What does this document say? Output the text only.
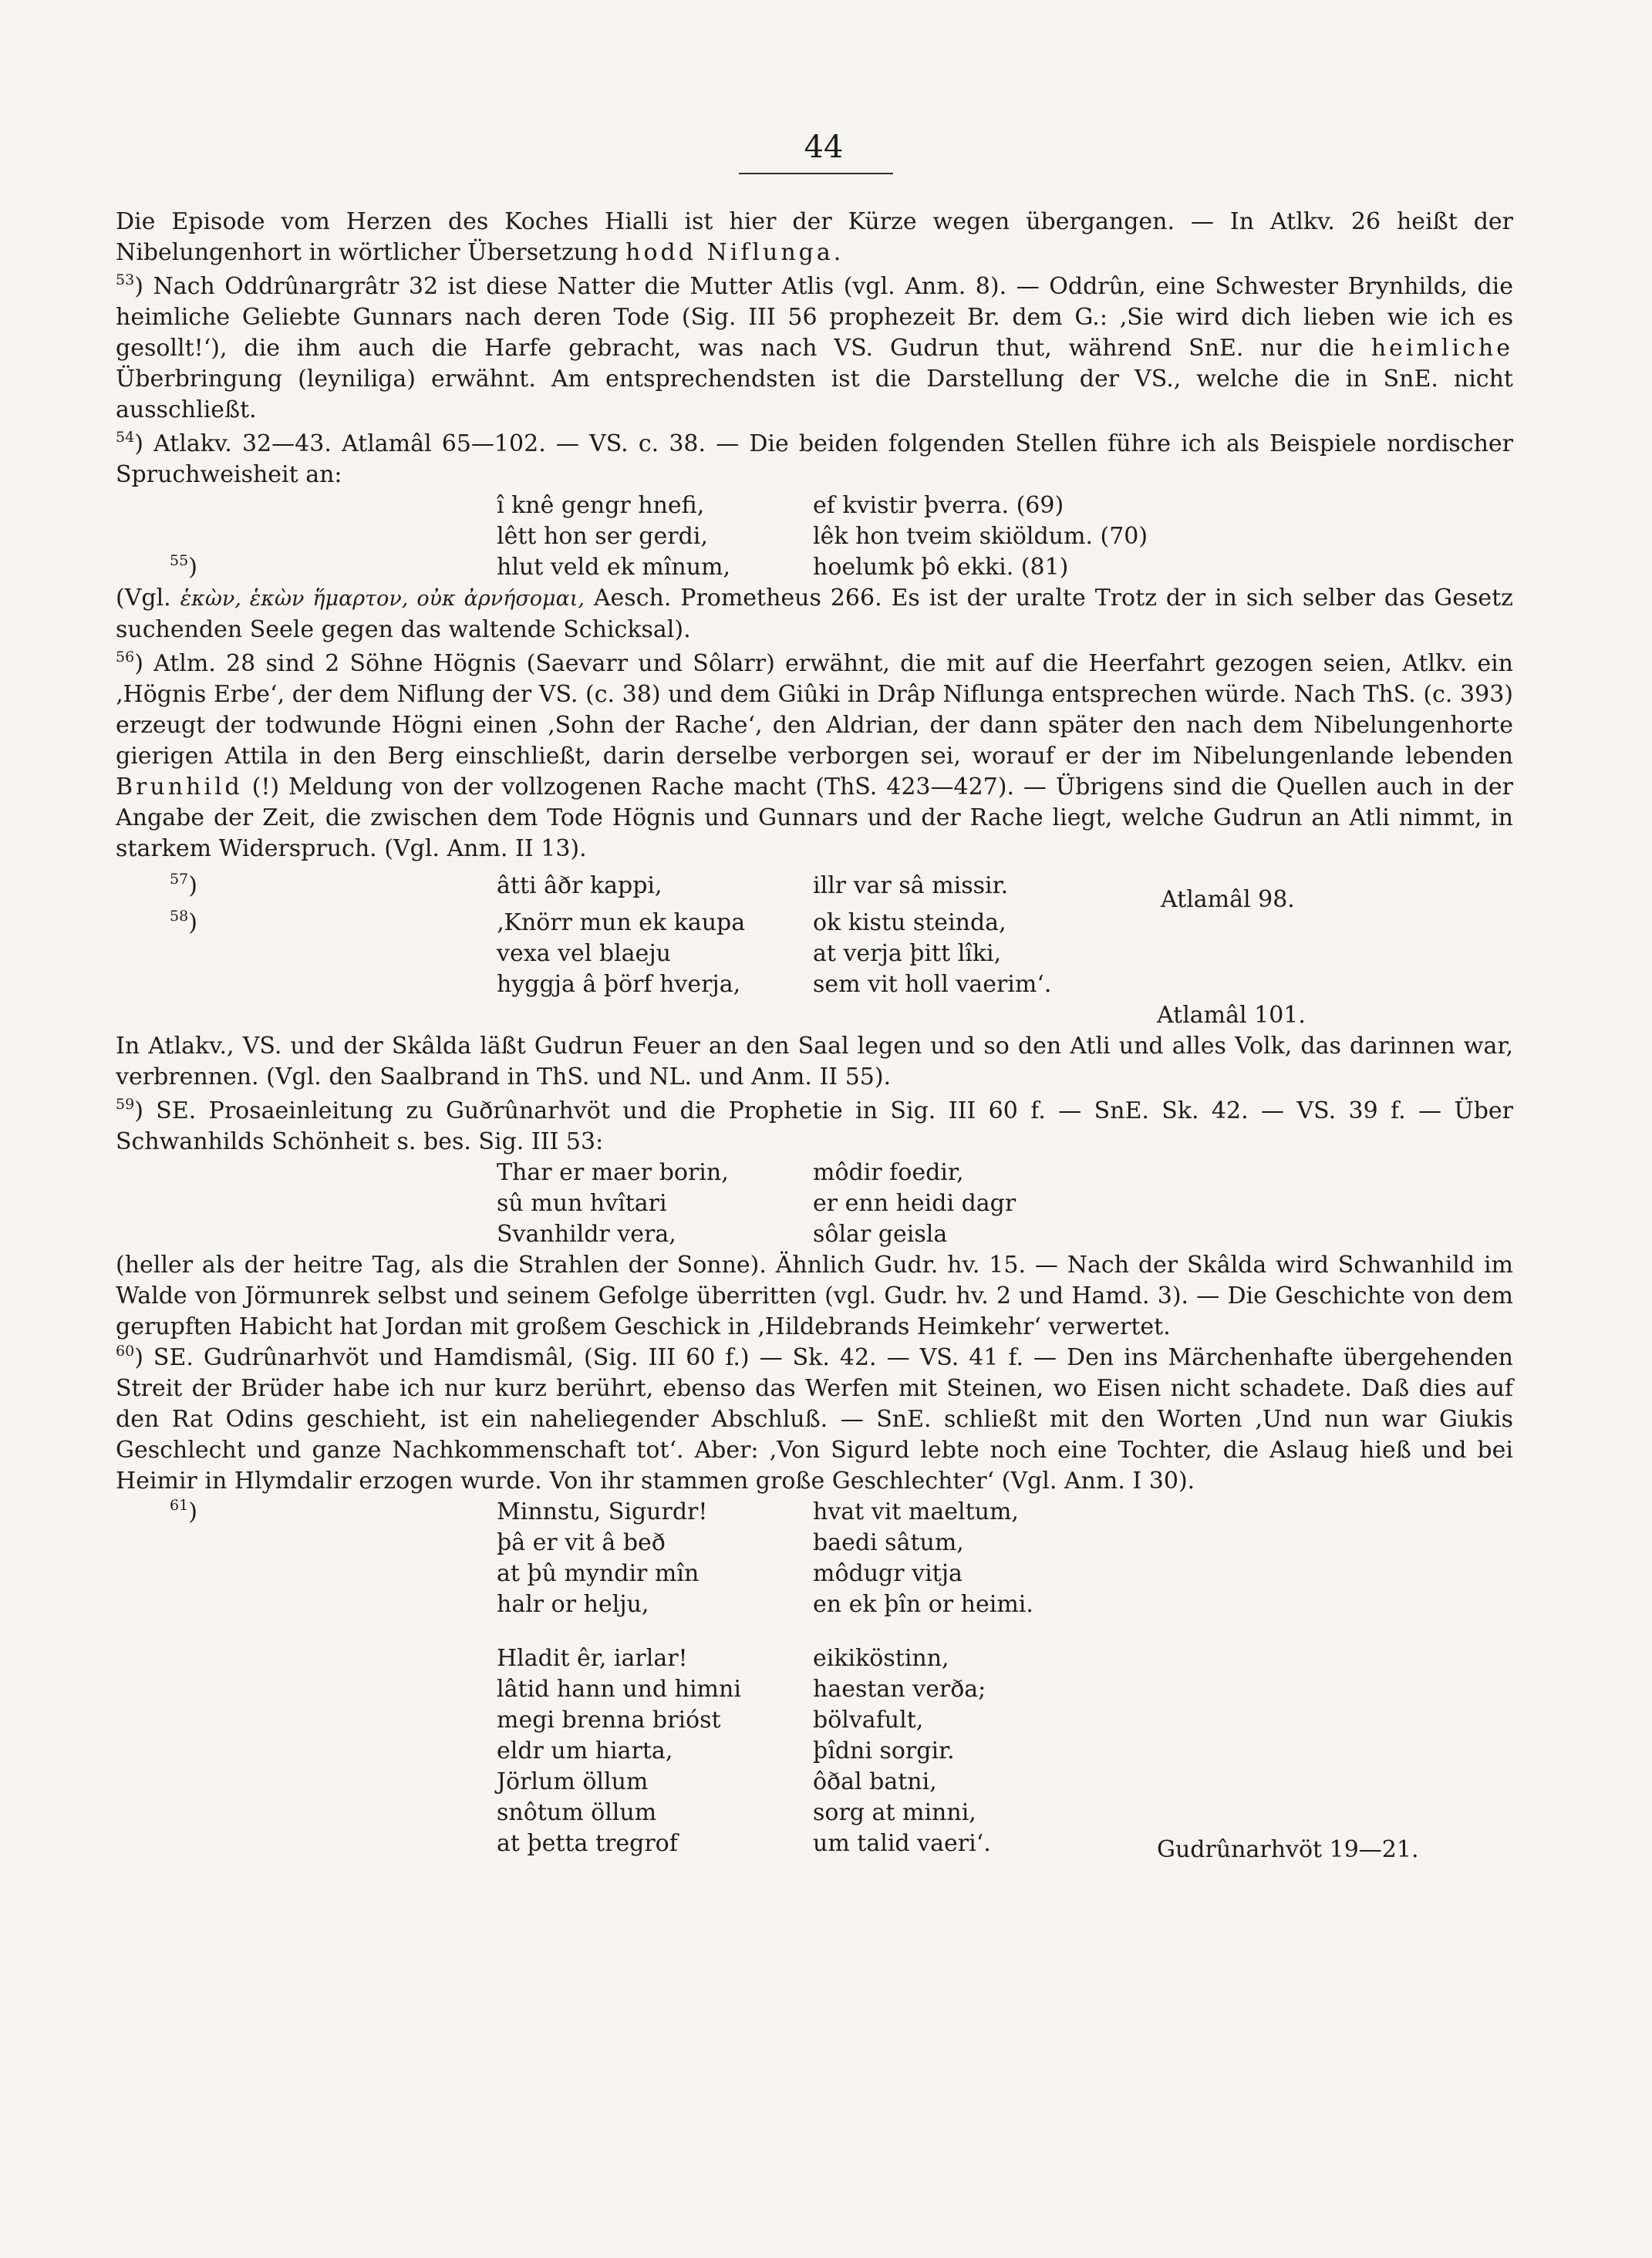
44

Die Episode vom Herzen des Koches Hialli ist hier der Kürze wegen übergangen. — In Atlkv. 26 heißt der Nibelungenhort in wörtlicher Übersetzung hodd Niflunga.

$^{53}$) Nach Oddrûnargrâtr 32 ist diese Natter die Mutter Atlis (vgl. Anm. 8). — Oddrûn, eine Schwester Brynhilds, die heimliche Geliebte Gunnars nach deren Tode (Sig. III 56 prophezeit Br. dem G.: ‚Sie wird dich lieben wie ich es gesollt!‘), die ihm auch die Harfe gebracht, was nach VS. Gudrun thut, während SnE. nur die heimliche Überbringung (leyniliga) erwähnt. Am entsprechendsten ist die Darstellung der VS., welche die in SnE. nicht ausschließt.

$^{54}$) Atlakv. 32—43. Atlamâl 65—102. — VS. c. 38. — Die beiden folgenden Stellen führe ich als Beispiele nordischer Spruchweisheit an:

î knê gengr hnefi,	ef kvistir þverra. (69)
lêtt hon ser gerdi,	lêk hon tveim skiöldum. (70)
$^{55}$)	hlut veld ek mînum,	hoelumk þô ekki. (81)

(Vgl. ἑκὼν, ἑκὼν ἥμαρτον, οὐκ ἀρνήσομαι, Aesch. Prometheus 266. Es ist der uralte Trotz der in sich selber das Gesetz suchenden Seele gegen das waltende Schicksal).

$^{56}$) Atlm. 28 sind 2 Söhne Högnis (Saevarr und Sôlarr) erwähnt, die mit auf die Heerfahrt gezogen seien, Atlkv. ein ‚Högnis Erbe‘, der dem Niflung der VS. (c. 38) und dem Giûki in Drâp Niflunga entsprechen würde. Nach ThS. (c. 393) erzeugt der todwunde Högni einen ‚Sohn der Rache‘, den Aldrian, der dann später den nach dem Nibelungenhorte gierigen Attila in den Berg einschließt, darin derselbe verborgen sei, worauf er der im Nibelungenlande lebenden Brunhild (!) Meldung von der vollzogenen Rache macht (ThS. 423—427). — Übrigens sind die Quellen auch in der Angabe der Zeit, die zwischen dem Tode Högnis und Gunnars und der Rache liegt, welche Gudrun an Atli nimmt, in starkem Widerspruch. (Vgl. Anm. II 13).

$^{57}$)	âtti âðr kappi,	illr var sâ missir.
Atlamâl 98.
$^{58}$)	‚Knörr mun ek kaupa	ok kistu steinda,
vexa vel blaeju	at verja þitt lîki,
hyggja â þörf hverja,	sem vit holl vaerim‘.
Atlamâl 101.

In Atlakv., VS. und der Skâlda läßt Gudrun Feuer an den Saal legen und so den Atli und alles Volk, das darinnen war, verbrennen. (Vgl. den Saalbrand in ThS. und NL. und Anm. II 55).

$^{59}$) SE. Prosaeinleitung zu Guðrûnarhvöt und die Prophetie in Sig. III 60 f. — SnE. Sk. 42. — VS. 39 f. — Über Schwanhilds Schönheit s. bes. Sig. III 53:

Thar er maer borin,	môdir foedir,
sû mun hvîtari	er enn heidi dagr
Svanhildr vera,	sôlar geisla

(heller als der heitre Tag, als die Strahlen der Sonne). Ähnlich Gudr. hv. 15. — Nach der Skâlda wird Schwanhild im Walde von Jörmunrek selbst und seinem Gefolge überritten (vgl. Gudr. hv. 2 und Hamd. 3). — Die Geschichte von dem gerupften Habicht hat Jordan mit großem Geschick in ‚Hildebrands Heimkehr‘ verwertet.

$^{60}$) SE. Gudrûnarhvöt und Hamdismâl, (Sig. III 60 f.) — Sk. 42. — VS. 41 f. — Den ins Märchenhafte übergehenden Streit der Brüder habe ich nur kurz berührt, ebenso das Werfen mit Steinen, wo Eisen nicht schadete. Daß dies auf den Rat Odins geschieht, ist ein naheliegender Abschluß. — SnE. schließt mit den Worten ‚Und nun war Giukis Geschlecht und ganze Nachkommenschaft tot‘. Aber: ‚Von Sigurd lebte noch eine Tochter, die Aslaug hieß und bei Heimir in Hlymdalir erzogen wurde. Von ihr stammen große Geschlechter‘ (Vgl. Anm. I 30).

$^{61}$)	Minnstu, Sigurdr!	hvat vit maeltum,
þâ er vit â beð	baedi sâtum,
at þû myndir mîn	môdugr vitja
halr or helju,	en ek þîn or heimi.
Hladit êr, iarlar!	eikiköstinn,
lâtid hann und himni	haestan verða;
megi brenna brióst	bölvafult,
eldr um hiarta,	þîdni sorgir.
Jörlum öllum	ôðal batni,
snôtum öllum	sorg at minni,
at þetta tregrof	um talid vaeri‘.	Gudrûnarhvöt 19—21.
